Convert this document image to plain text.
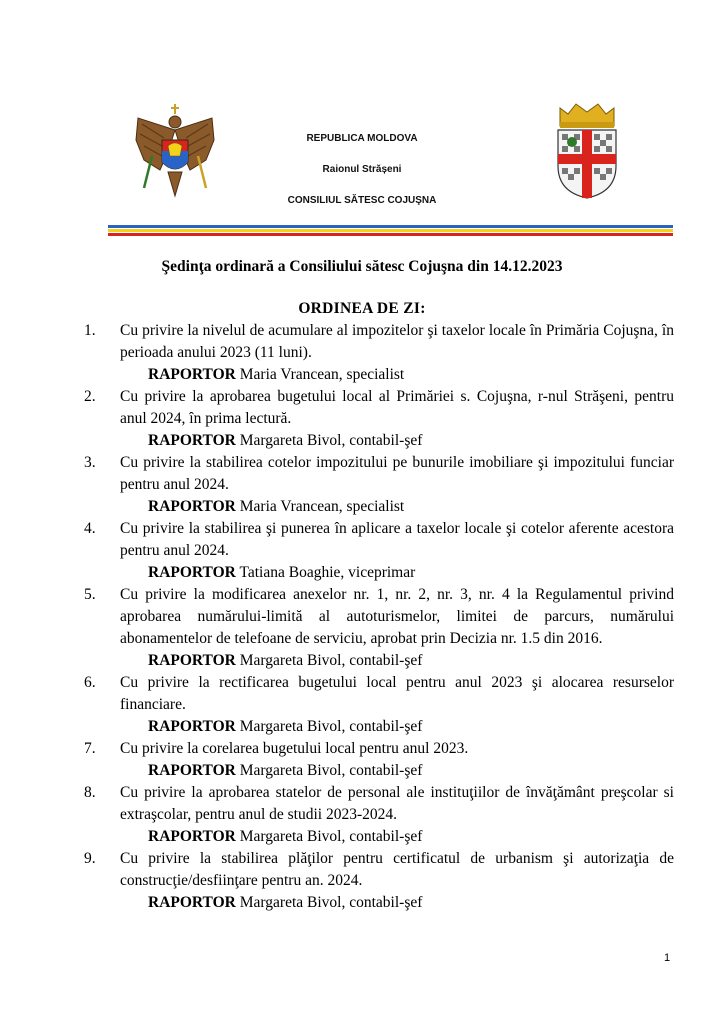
REPUBLICA MOLDOVA
Raionul Strășeni
CONSILIUL SĂTESC COJUŞNA
Şedinţa ordinară a Consiliului sătesc Cojuşna din 14.12.2023
ORDINEA DE ZI:
1.	Cu privire la nivelul de acumulare al impozitelor şi taxelor locale în Primăria Cojuşna, în perioada anului 2023 (11 luni).
RAPORTOR Maria Vrancean, specialist
2.	Cu privire la aprobarea bugetului local al Primăriei s. Cojuşna, r-nul Străşeni, pentru anul 2024, în prima lectură.
RAPORTOR Margareta Bivol, contabil-şef
3.	Cu privire la stabilirea cotelor impozitului pe bunurile imobiliare şi impozitului funciar pentru anul 2024.
RAPORTOR Maria Vrancean, specialist
4.	Cu privire la stabilirea şi punerea în aplicare a taxelor locale şi cotelor aferente acestora pentru anul 2024.
RAPORTOR Tatiana Boaghie, viceprimar
5.	Cu privire la modificarea anexelor nr. 1, nr. 2, nr. 3, nr. 4 la Regulamentul privind aprobarea numărului-limită al autoturismelor, limitei de parcurs, numărului abonamentelor de telefoane de serviciu, aprobat prin Decizia nr. 1.5 din 2016.
RAPORTOR Margareta Bivol, contabil-şef
6.	Cu privire la rectificarea bugetului local pentru anul 2023 şi alocarea resurselor financiare.
RAPORTOR Margareta Bivol, contabil-şef
7.	Cu privire la corelarea bugetului local pentru anul 2023.
RAPORTOR Margareta Bivol, contabil-şef
8.	Cu privire la aprobarea statelor de personal ale instituţiilor de învăţământ preşcolar si extraşcolar, pentru anul de studii 2023-2024.
RAPORTOR Margareta Bivol, contabil-şef
9.	Cu privire la stabilirea plăţilor pentru certificatul de urbanism şi autorizaţia de construcţie/desfiinţare pentru an. 2024.
RAPORTOR Margareta Bivol, contabil-şef
1
